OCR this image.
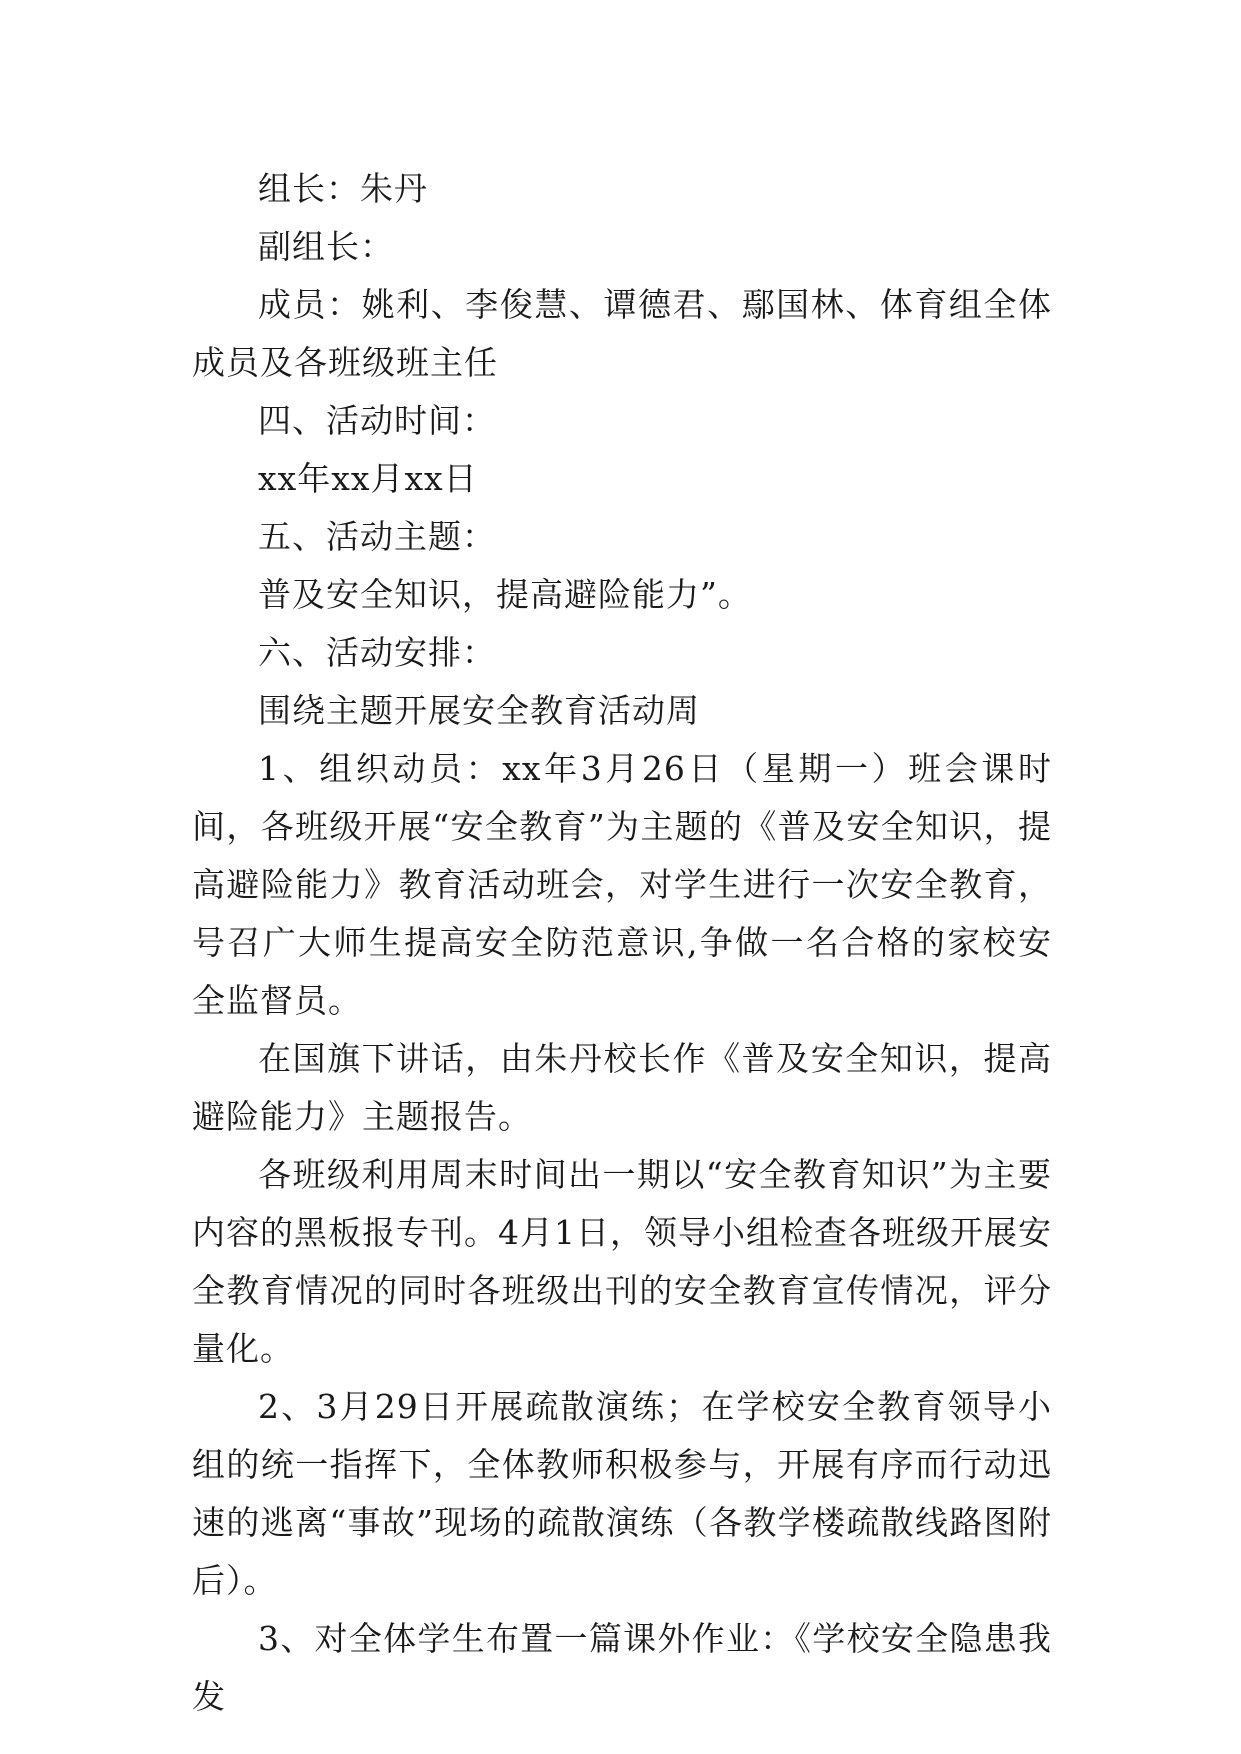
组长：朱丹

副组长：

成员：姚利、李俊慧、谭德君、鄢国林、体育组全体成员及各班级班主任

四、活动时间：

xx年xx月xx日

五、活动主题：

普及安全知识，提高避险能力”。

六、活动安排：

围绕主题开展安全教育活动周

1、组织动员：xx年3月26日（星期一）班会课时间，各班级开展“安全教育”为主题的《普及安全知识，提高避险能力》教育活动班会，对学生进行一次安全教育，号召广大师生提高安全防范意识,争做一名合格的家校安全监督员。

在国旗下讲话，由朱丹校长作《普及安全知识，提高避险能力》主题报告。

各班级利用周末时间出一期以“安全教育知识”为主要内容的黑板报专刊。4月1日，领导小组检查各班级开展安全教育情况的同时各班级出刊的安全教育宣传情况，评分量化。

2、3月29日开展疏散演练；在学校安全教育领导小组的统一指挥下，全体教师积极参与，开展有序而行动迅速的逃离“事故”现场的疏散演练（各教学楼疏散线路图附后）。

3、对全体学生布置一篇课外作业：《学校安全隐患我发
